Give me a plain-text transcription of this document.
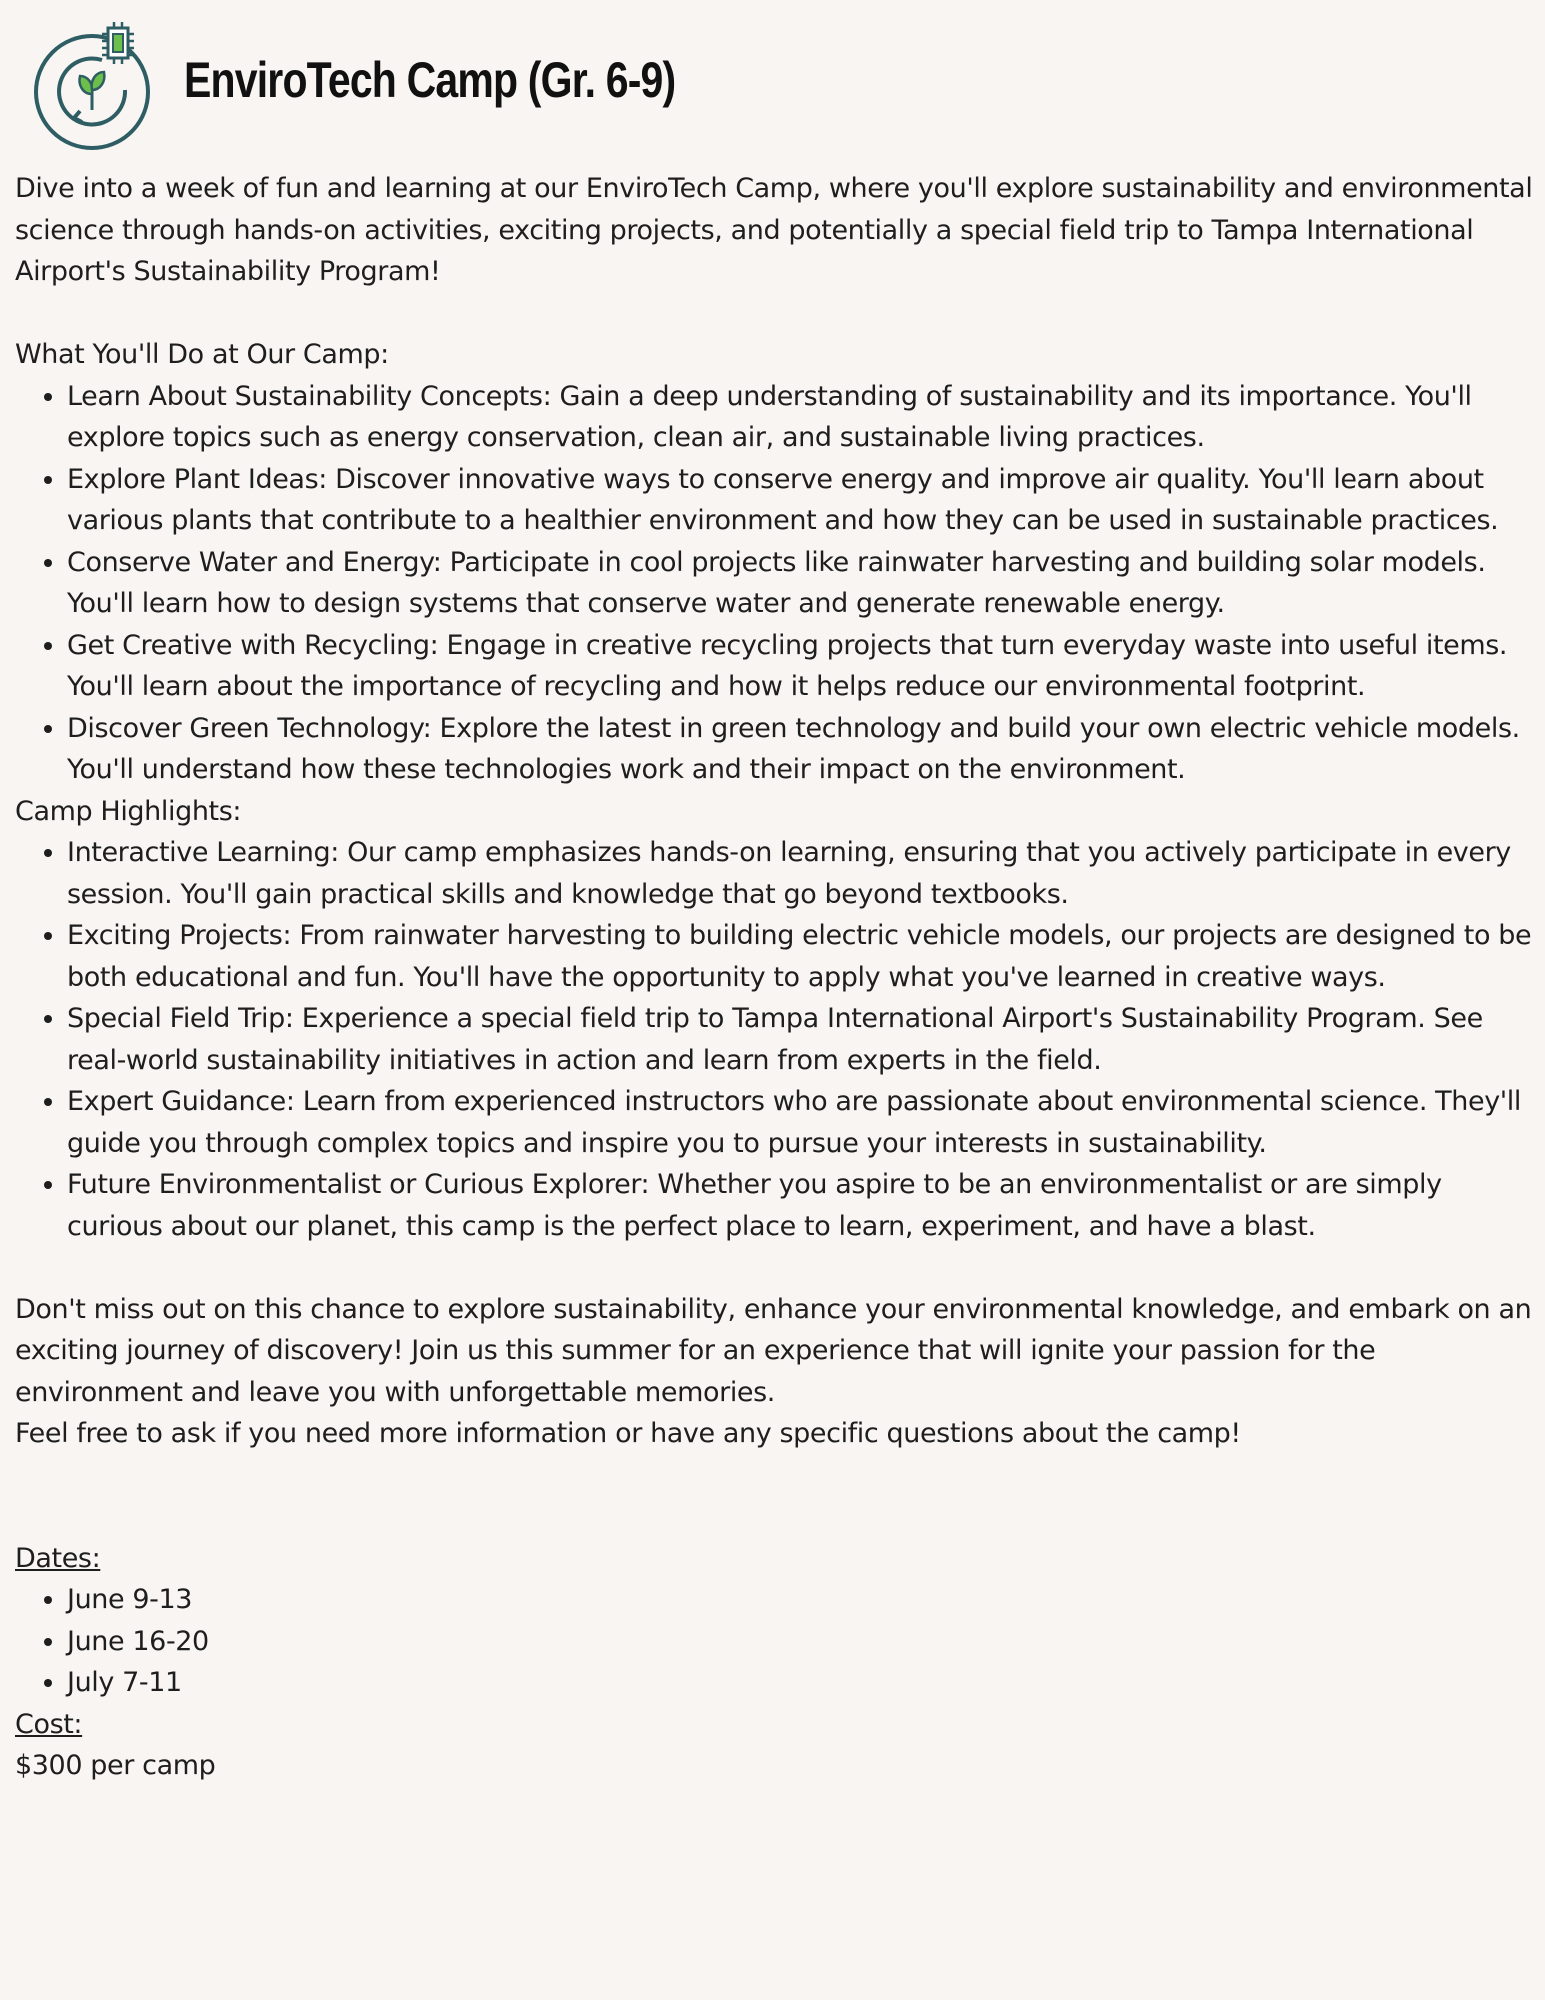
EnviroTech Camp (Gr. 6-9)

Dive into a week of fun and learning at our EnviroTech Camp, where you'll explore sustainability and environmental science through hands-on activities, exciting projects, and potentially a special field trip to Tampa International Airport's Sustainability Program!

What You'll Do at Our Camp:

• Learn About Sustainability Concepts: Gain a deep understanding of sustainability and its importance. You'll explore topics such as energy conservation, clean air, and sustainable living practices.
• Explore Plant Ideas: Discover innovative ways to conserve energy and improve air quality. You'll learn about various plants that contribute to a healthier environment and how they can be used in sustainable practices.
• Conserve Water and Energy: Participate in cool projects like rainwater harvesting and building solar models. You'll learn how to design systems that conserve water and generate renewable energy.
• Get Creative with Recycling: Engage in creative recycling projects that turn everyday waste into useful items. You'll learn about the importance of recycling and how it helps reduce our environmental footprint.
• Discover Green Technology: Explore the latest in green technology and build your own electric vehicle models. You'll understand how these technologies work and their impact on the environment.

Camp Highlights:

• Interactive Learning: Our camp emphasizes hands-on learning, ensuring that you actively participate in every session. You'll gain practical skills and knowledge that go beyond textbooks.
• Exciting Projects: From rainwater harvesting to building electric vehicle models, our projects are designed to be both educational and fun. You'll have the opportunity to apply what you've learned in creative ways.
• Special Field Trip: Experience a special field trip to Tampa International Airport's Sustainability Program. See real-world sustainability initiatives in action and learn from experts in the field.
• Expert Guidance: Learn from experienced instructors who are passionate about environmental science. They'll guide you through complex topics and inspire you to pursue your interests in sustainability.
• Future Environmentalist or Curious Explorer: Whether you aspire to be an environmentalist or are simply curious about our planet, this camp is the perfect place to learn, experiment, and have a blast.

Don't miss out on this chance to explore sustainability, enhance your environmental knowledge, and embark on an exciting journey of discovery! Join us this summer for an experience that will ignite your passion for the environment and leave you with unforgettable memories.

Feel free to ask if you need more information or have any specific questions about the camp!

Dates:

• June 9-13
• June 16-20
• July 7-11

Cost:

$300 per camp
